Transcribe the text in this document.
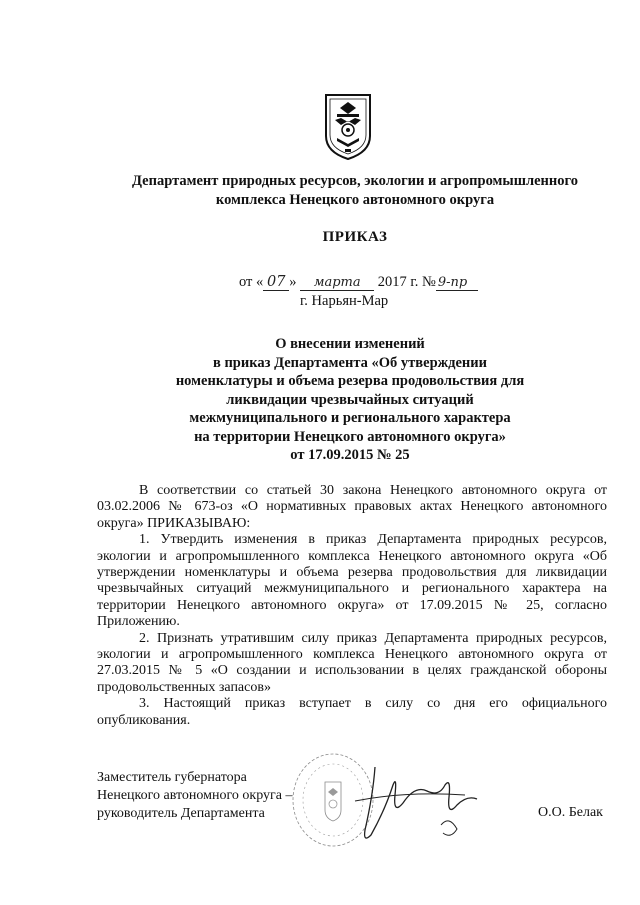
Департамент природных ресурсов, экологии и агропромышленного
комплекса Ненецкого автономного округа
ПРИКАЗ
от « 07 » марта 2017 г. № 9-пр
г. Нарьян-Мар
О внесении изменений
в приказ Департамента «Об утверждении
номенклатуры и объема резерва продовольствия для
ликвидации чрезвычайных ситуаций
межмуниципального и регионального характера
на территории Ненецкого автономного округа»
от 17.09.2015 № 25

В соответствии со статьей 30 закона Ненецкого автономного округа от 03.02.2006 № 673-оз «О нормативных правовых актах Ненецкого автономного округа» ПРИКАЗЫВАЮ:

1. Утвердить изменения в приказ Департамента природных ресурсов, экологии и агропромышленного комплекса Ненецкого автономного округа «Об утверждении номенклатуры и объема резерва продовольствия для ликвидации чрезвычайных ситуаций межмуниципального и регионального характера на территории Ненецкого автономного округа» от 17.09.2015 № 25, согласно Приложению.

2. Признать утратившим силу приказ Департамента природных ресурсов, экологии и агропромышленного комплекса Ненецкого автономного округа от 27.03.2015 № 5 «О создании и использовании в целях гражданской обороны продовольственных запасов»

3. Настоящий приказ вступает в силу со дня его официального опубликования.

Заместитель губернатора
Ненецкого автономного округа –
руководитель Департамента	О.О. Белак
